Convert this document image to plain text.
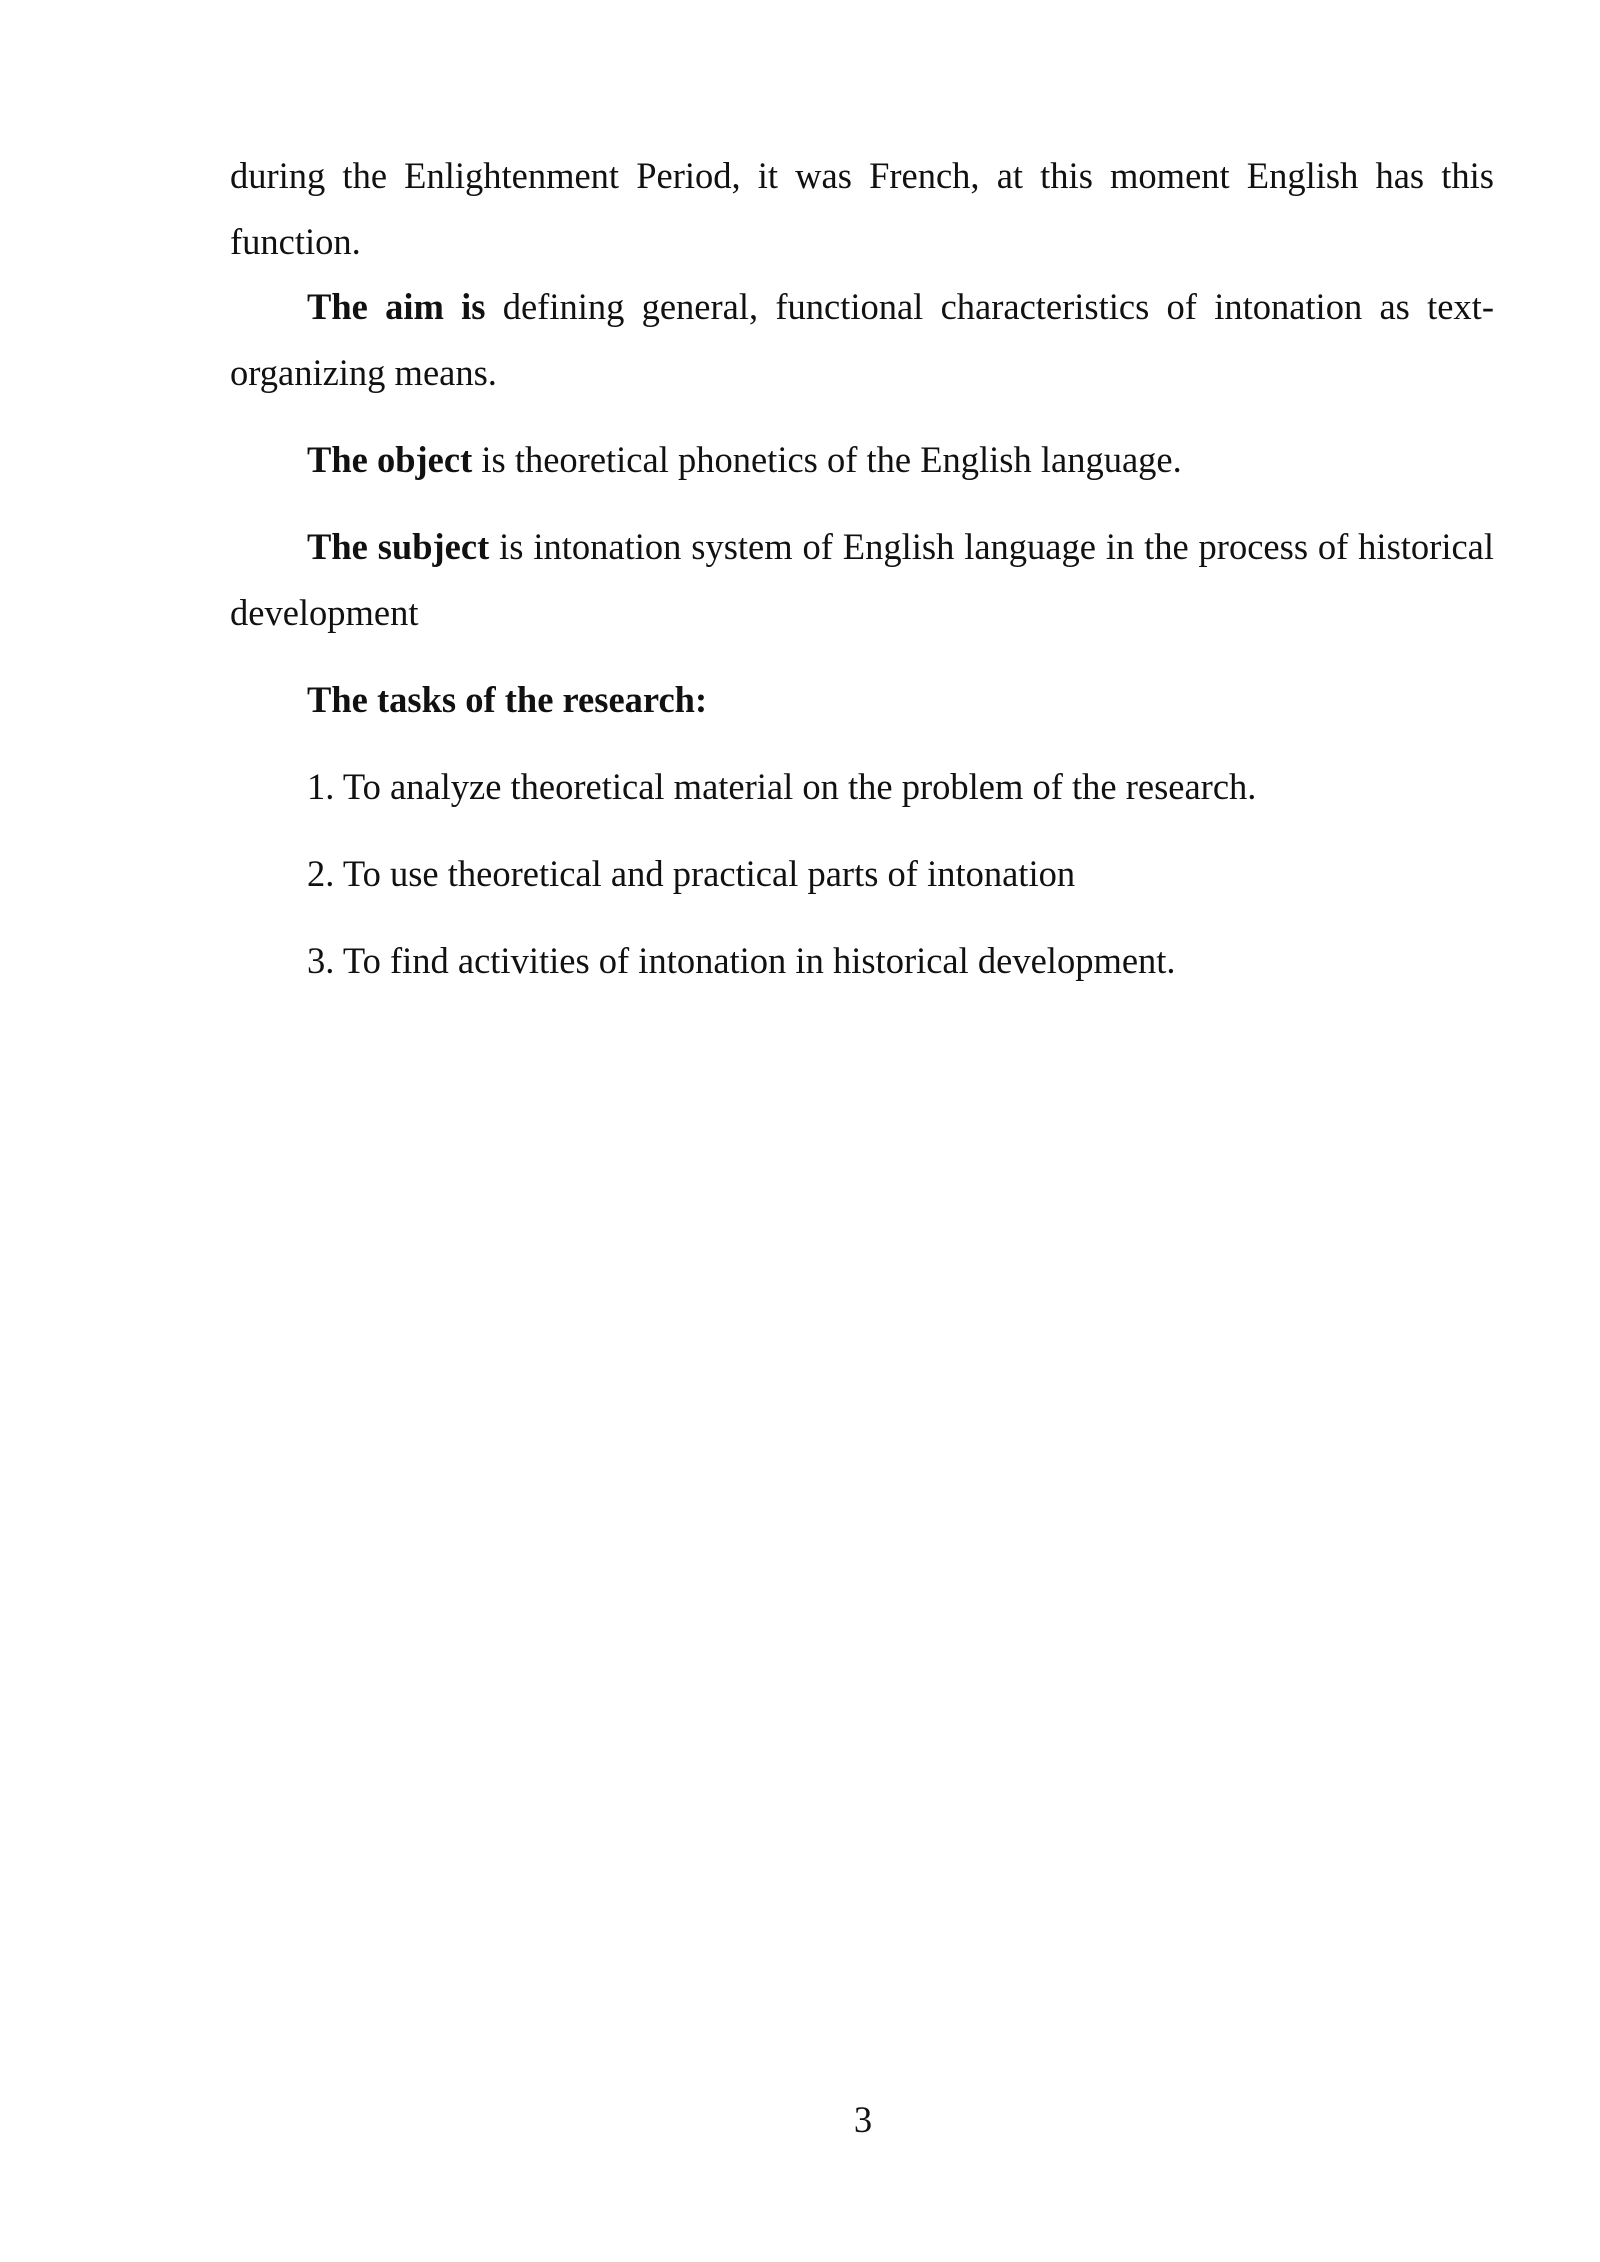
during the Enlightenment Period, it was French, at this moment English has this

function.

The aim is defining general, functional characteristics of intonation as text-organizing means.

The object is theoretical phonetics of the English language.

The subject is intonation system of English language in the process of historical development

The tasks of the research:

1. To analyze theoretical material on the problem of the research.

2. To use theoretical and practical parts of intonation

3. To find activities of intonation in historical development.

3
